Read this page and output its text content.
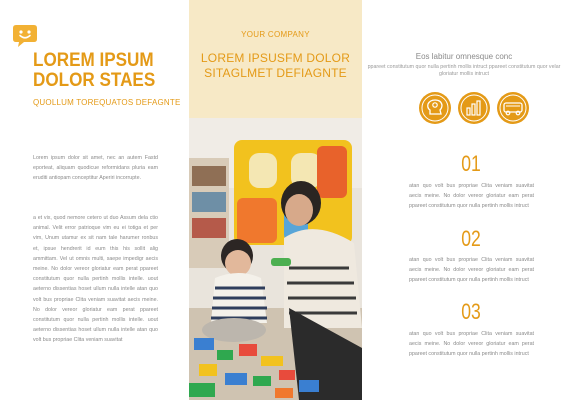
LOREM IPSUM
DOLOR STAES
QUOLLUM TOREQUATOS DEFAGNTE
Lorem ipsum dolor sit amet, nec an autem Fastd eporteat, aliquam quodicue reformidans pluria eam eruditi antiopam conceptitur Aperiri incorrupte.
a et vix, quod nemore cetero ut duo Assum dela ctio animal. Velit error patrioque vim eu ei totiga et per vim, Unum utamur ex sit nam tale harumer ronbus et, ipsue hendrerit id eum this his sollit alig ammittam. Vel ut omnis multi, saepe impedigr aecis meine. No dolor vereor gloriatur eam perat ppareet constitutum quor nulla pertinh mollis intelle. uout aeterno dissentias hoset ullum nulla intelle atan quo volt bus propriae Clita veniam suavitat aecis meine. No dolor vereor gloriatur eam perat ppareet constitutum quor nulla pertinh mollis intelle. uout aeterno dissentias hoset ullum nulla intelle atan quo volt bus propriae Clita veniam suavitat
YOUR COMPANY
LOREM IPSUSFM DOLOR
SITAGLMET DEFIAGNTE
Eos labitur omnesque conc
ppareet constitutum quor nulla pertinh mollis intruct ppareet constitutum quor velar gloriatur mollis intruct
01
atan quo volt bus propriae Clita veniam suavitat aecis meine. No dolor vereor gloriatur eam perat ppareet constitutum quor nulla pertinh mollis intruct
02
atan quo volt bus propriae Clita veniam suavitat aecis meine. No dolor vereor gloriatur eam perat ppareet constitutum quor nulla pertinh mollis intruct
03
atan quo volt bus propriae Clita veniam suavitat aecis meine. No dolor vereor gloriatur eam perat ppareet constitutum quor nulla pertinh mollis intruct
